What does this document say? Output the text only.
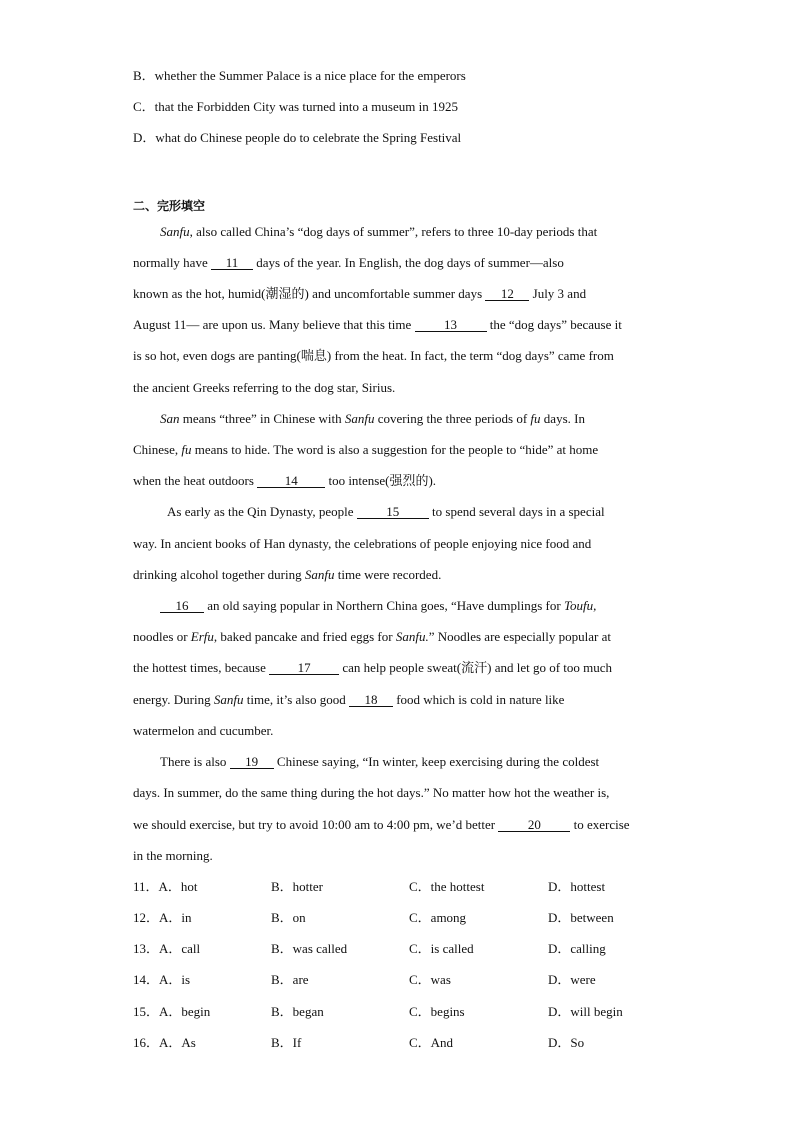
B．whether the Summer Palace is a nice place for the emperors
C．that the Forbidden City was turned into a museum in 1925
D．what do Chinese people do to celebrate the Spring Festival
二、完形填空
Sanfu, also called China’s “dog days of summer”, refers to three 10-day periods that
normally have 11 days of the year. In English, the dog days of summer—also
known as the hot, humid(潮湿的) and uncomfortable summer days 12 July 3 and
August 11— are upon us. Many believe that this time 13 the “dog days” because it
is so hot, even dogs are panting(喘息) from the heat. In fact, the term “dog days” came from
the ancient Greeks referring to the dog star, Sirius.
San means “three” in Chinese with Sanfu covering the three periods of fu days. In
Chinese, fu means to hide. The word is also a suggestion for the people to “hide” at home
when the heat outdoors 14 too intense(强烈的).
As early as the Qin Dynasty, people 15 to spend several days in a special
way. In ancient books of Han dynasty, the celebrations of people enjoying nice food and
drinking alcohol together during Sanfu time were recorded.
16 an old saying popular in Northern China goes, “Have dumplings for Toufu,
noodles or Erfu, baked pancake and fried eggs for Sanfu.” Noodles are especially popular at
the hottest times, because 17 can help people sweat(流汗) and let go of too much
energy. During Sanfu time, it’s also good 18 food which is cold in nature like
watermelon and cucumber.
There is also 19 Chinese saying, “In winter, keep exercising during the coldest
days. In summer, do the same thing during the hot days.” No matter how hot the weather is,
we should exercise, but try to avoid 10:00 am to 4:00 pm, we’d better 20 to exercise
in the morning.
11．A．hot	B．hotter	C．the hottest	D．hottest
12．A．in	B．on	C．among	D．between
13．A．call	B．was called	C．is called	D．calling
14．A．is	B．are	C．was	D．were
15．A．begin	B．began	C．begins	D．will begin
16．A．As	B．If	C．And	D．So
